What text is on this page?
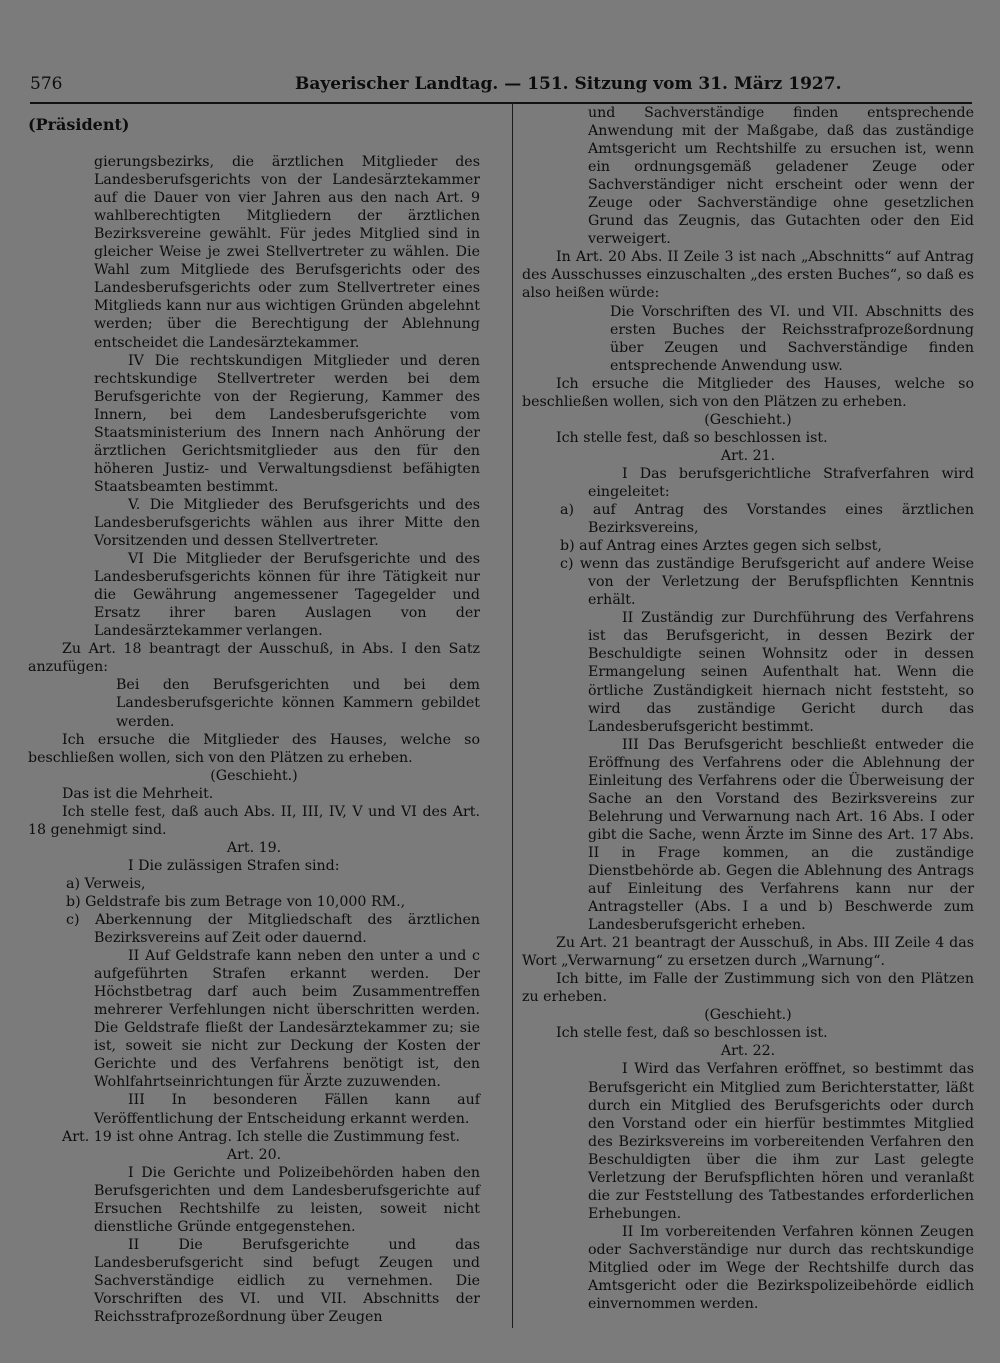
576	Bayerischer Landtag. — 151. Sitzung vom 31. März 1927.

(Präsident)

gierungsbezirks, die ärztlichen Mitglieder des Landesberufsgerichts von der Landesärztekammer auf die Dauer von vier Jahren aus den nach Art. 9 wahlberechtigten Mitgliedern der ärztlichen Bezirksvereine gewählt. Für jedes Mitglied sind in gleicher Weise je zwei Stellvertreter zu wählen. Die Wahl zum Mitgliede des Berufsgerichts oder des Landesberufsgerichts oder zum Stellvertreter eines Mitglieds kann nur aus wichtigen Gründen abgelehnt werden; über die Berechtigung der Ablehnung entscheidet die Landesärztekammer.

IV Die rechtskundigen Mitglieder und deren rechtskundige Stellvertreter werden bei dem Berufsgerichte von der Regierung, Kammer des Innern, bei dem Landesberufsgerichte vom Staatsministerium des Innern nach Anhörung der ärztlichen Gerichtsmitglieder aus den für den höheren Justiz- und Verwaltungsdienst befähigten Staatsbeamten bestimmt.

V. Die Mitglieder des Berufsgerichts und des Landesberufsgerichts wählen aus ihrer Mitte den Vorsitzenden und dessen Stellvertreter.

VI Die Mitglieder der Berufsgerichte und des Landesberufsgerichts können für ihre Tätigkeit nur die Gewährung angemessener Tagegelder und Ersatz ihrer baren Auslagen von der Landesärztekammer verlangen.

Zu Art. 18 beantragt der Ausschuß, in Abs. I den Satz anzufügen:

Bei den Berufsgerichten und bei dem Landesberufsgerichte können Kammern gebildet werden.

Ich ersuche die Mitglieder des Hauses, welche so beschließen wollen, sich von den Plätzen zu erheben.

(Geschieht.)

Das ist die Mehrheit.

Ich stelle fest, daß auch Abs. II, III, IV, V und VI des Art. 18 genehmigt sind.

Art. 19.

I Die zulässigen Strafen sind:

a) Verweis,

b) Geldstrafe bis zum Betrage von 10,000 RM.,

c) Aberkennung der Mitgliedschaft des ärztlichen Bezirksvereins auf Zeit oder dauernd.

II Auf Geldstrafe kann neben den unter a und c aufgeführten Strafen erkannt werden. Der Höchstbetrag darf auch beim Zusammentreffen mehrerer Verfehlungen nicht überschritten werden. Die Geldstrafe fließt der Landesärztekammer zu; sie ist, soweit sie nicht zur Deckung der Kosten der Gerichte und des Verfahrens benötigt ist, den Wohlfahrtseinrichtungen für Ärzte zuzuwenden.

III In besonderen Fällen kann auf Veröffentlichung der Entscheidung erkannt werden.

Art. 19 ist ohne Antrag. Ich stelle die Zustimmung fest.

Art. 20.

I Die Gerichte und Polizeibehörden haben den Berufsgerichten und dem Landesberufsgerichte auf Ersuchen Rechtshilfe zu leisten, soweit nicht dienstliche Gründe entgegenstehen.

II Die Berufsgerichte und das Landesberufsgericht sind befugt Zeugen und Sachverständige eidlich zu vernehmen. Die Vorschriften des VI. und VII. Abschnitts der Reichsstrafprozeßordnung über Zeugen

und Sachverständige finden entsprechende Anwendung mit der Maßgabe, daß das zuständige Amtsgericht um Rechtshilfe zu ersuchen ist, wenn ein ordnungsgemäß geladener Zeuge oder Sachverständiger nicht erscheint oder wenn der Zeuge oder Sachverständige ohne gesetzlichen Grund das Zeugnis, das Gutachten oder den Eid verweigert.

In Art. 20 Abs. II Zeile 3 ist nach „Abschnitts“ auf Antrag des Ausschusses einzuschalten „des ersten Buches“, so daß es also heißen würde:

Die Vorschriften des VI. und VII. Abschnitts des ersten Buches der Reichsstrafprozeßordnung über Zeugen und Sachverständige finden entsprechende Anwendung usw.

Ich ersuche die Mitglieder des Hauses, welche so beschließen wollen, sich von den Plätzen zu erheben.

(Geschieht.)

Ich stelle fest, daß so beschlossen ist.

Art. 21.

I Das berufsgerichtliche Strafverfahren wird eingeleitet:

a) auf Antrag des Vorstandes eines ärztlichen Bezirksvereins,

b) auf Antrag eines Arztes gegen sich selbst,

c) wenn das zuständige Berufsgericht auf andere Weise von der Verletzung der Berufspflichten Kenntnis erhält.

II Zuständig zur Durchführung des Verfahrens ist das Berufsgericht, in dessen Bezirk der Beschuldigte seinen Wohnsitz oder in dessen Ermangelung seinen Aufenthalt hat. Wenn die örtliche Zuständigkeit hiernach nicht feststeht, so wird das zuständige Gericht durch das Landesberufsgericht bestimmt.

III Das Berufsgericht beschließt entweder die Eröffnung des Verfahrens oder die Ablehnung der Einleitung des Verfahrens oder die Überweisung der Sache an den Vorstand des Bezirksvereins zur Belehrung und Verwarnung nach Art. 16 Abs. I oder gibt die Sache, wenn Ärzte im Sinne des Art. 17 Abs. II in Frage kommen, an die zuständige Dienstbehörde ab. Gegen die Ablehnung des Antrags auf Einleitung des Verfahrens kann nur der Antragsteller (Abs. I a und b) Beschwerde zum Landesberufsgericht erheben.

Zu Art. 21 beantragt der Ausschuß, in Abs. III Zeile 4 das Wort „Verwarnung“ zu ersetzen durch „Warnung“.

Ich bitte, im Falle der Zustimmung sich von den Plätzen zu erheben.

(Geschieht.)

Ich stelle fest, daß so beschlossen ist.

Art. 22.

I Wird das Verfahren eröffnet, so bestimmt das Berufsgericht ein Mitglied zum Berichterstatter, läßt durch ein Mitglied des Berufsgerichts oder durch den Vorstand oder ein hierfür bestimmtes Mitglied des Bezirksvereins im vorbereitenden Verfahren den Beschuldigten über die ihm zur Last gelegte Verletzung der Berufspflichten hören und veranlaßt die zur Feststellung des Tatbestandes erforderlichen Erhebungen.

II Im vorbereitenden Verfahren können Zeugen oder Sachverständige nur durch das rechtskundige Mitglied oder im Wege der Rechtshilfe durch das Amtsgericht oder die Bezirkspolizeibehörde eidlich einvernommen werden.
